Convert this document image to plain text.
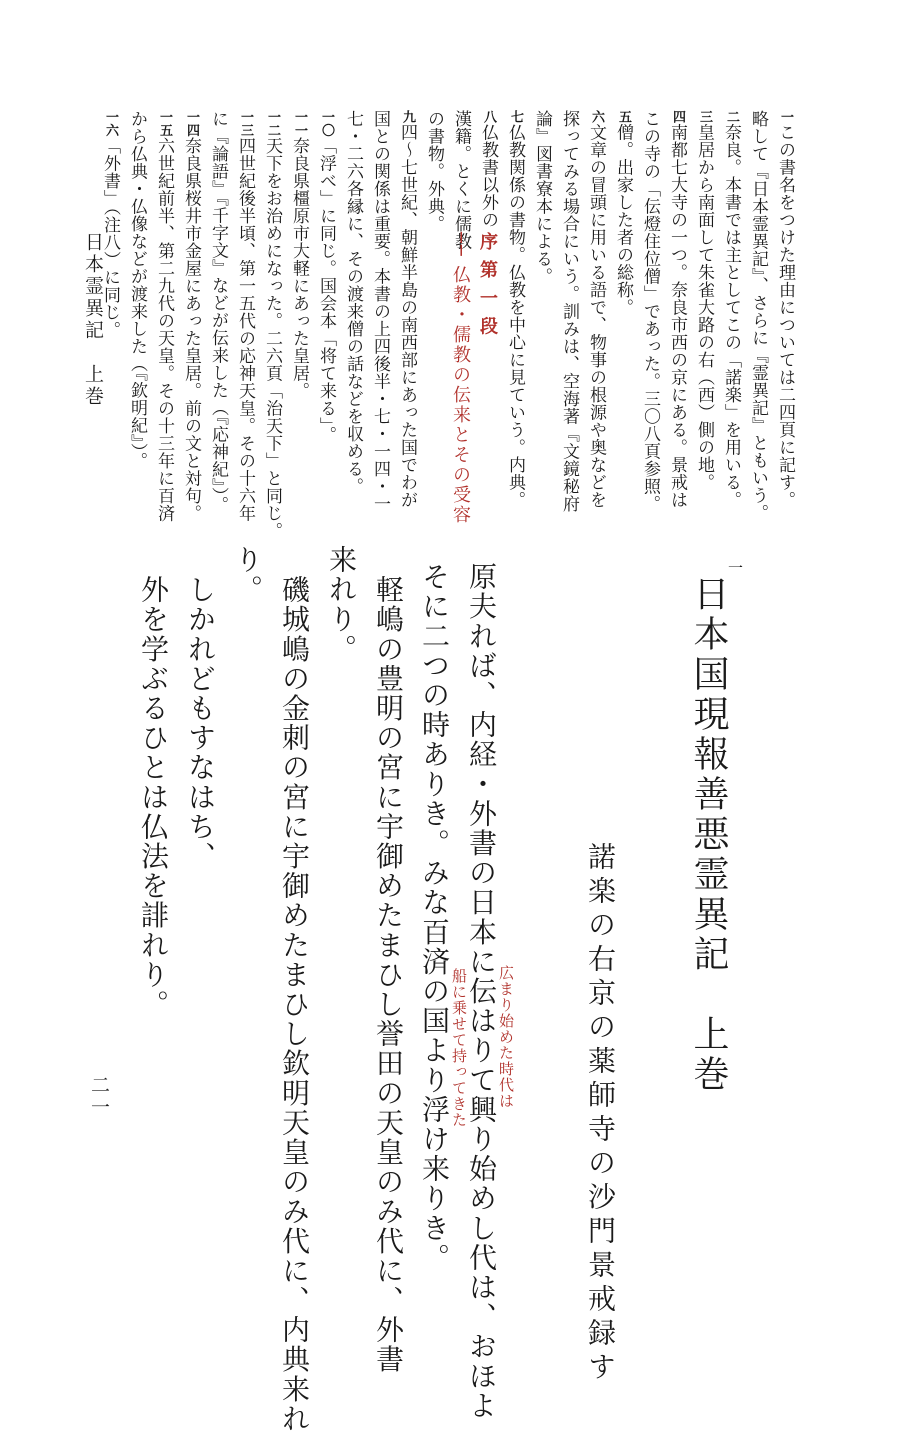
一この書名をつけた理由については二四頁に記す。
略して『日本霊異記』、さらに『霊異記』ともいう。
二奈良。本書では主としてこの「諾楽」を用いる。
三皇居から南面して朱雀大路の右（西）側の地。
四南都七大寺の一つ。奈良市西の京にある。景戒は
この寺の「伝燈住位僧」であった。三〇八頁参照。
五僧。出家した者の総称。
六文章の冒頭に用いる語で、物事の根源や奥などを
探ってみる場合にいう。訓みは、空海著『文鏡秘府
論』図書寮本による。
七仏教関係の書物。仏教を中心に見ていう。内典。
八仏教書以外の
漢籍。とくに儒教
の書物。外典。
序 第 一 段
── 仏教・儒教の伝来とその受容
九四～七世紀、朝鮮半島の南西部にあった国でわが
国との関係は重要。本書の上四後半・七・一四・一
七・二六各縁に、その渡来僧の話などを収める。
一〇「浮べ」に同じ。国会本「将て来る」。
一一奈良県橿原市大軽にあった皇居。
一二天下をお治めになった。二六頁「治天下」と同じ。
一三四世紀後半頃、第一五代の応神天皇。その十六年
に『論語』『千字文』などが伝来した（『応神紀』）。
一四奈良県桜井市金屋にあった皇居。前の文と対句。
一五六世紀前半、第二九代の天皇。その十三年に百済
から仏典・仏像などが渡来した（『欽明紀』）。
一六「外書」（注八）に同じ。
日本霊異記　上巻
二一
一
日本国現報善悪霊異記　上巻
諾楽の右京の薬師寺の沙門景戒録す
原夫れば、内経・外書の日本に伝はりて興り始めし代は、おほよ
そに二つの時ありき。みな百済の国より浮け来りき。
軽嶋の豊明の宮に宇御めたまひし誉田の天皇のみ代に、外書
来れり。
磯城嶋の金刺の宮に宇御めたまひし欽明天皇のみ代に、内典来れ
り。
しかれどもすなはち、
外を学ぶるひとは仏法を誹れり。
広まり始めた時代は
船に乗せて持ってきた
